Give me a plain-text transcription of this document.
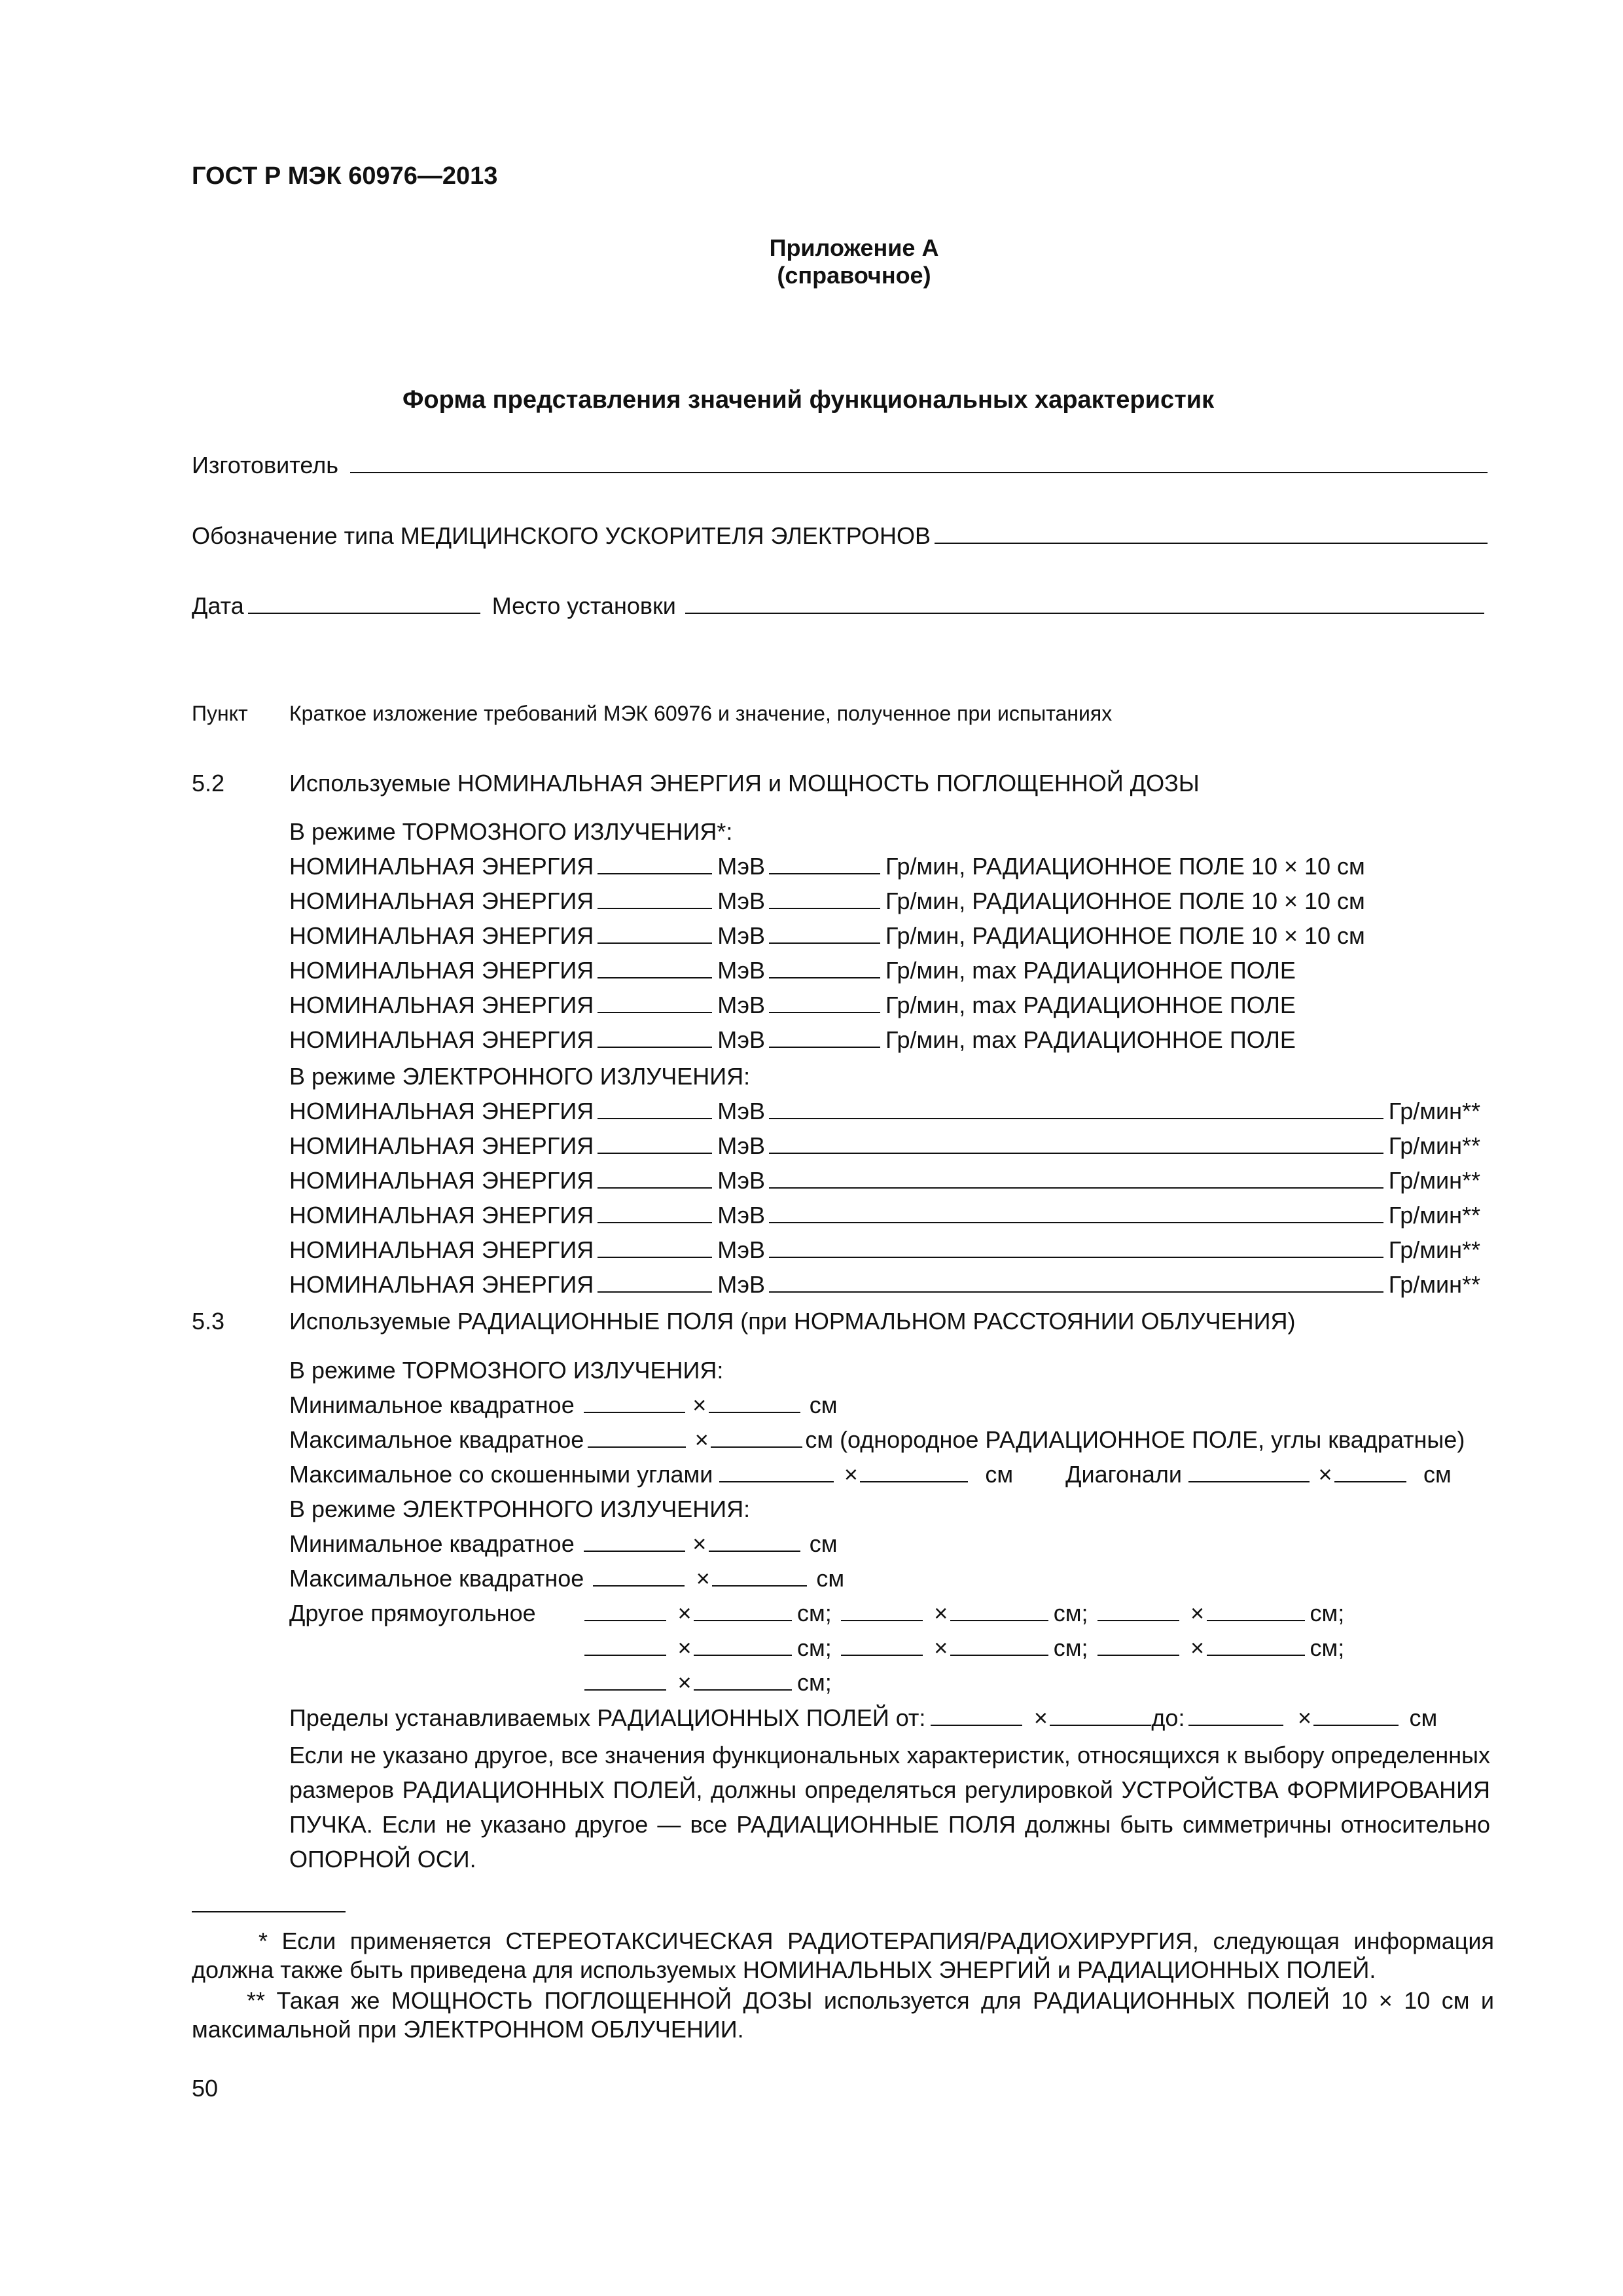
ГОСТ Р МЭК 60976—2013
Приложение А
(справочное)
Форма представления значений функциональных характеристик
Изготовитель
Обозначение типа МЕДИЦИНСКОГО УСКОРИТЕЛЯ ЭЛЕКТРОНОВ
Дата	Место установки
Пункт Краткое изложение требований МЭК 60976 и значение, полученное при испытаниях
5.2	Используемые НОМИНАЛЬНАЯ ЭНЕРГИЯ и МОЩНОСТЬ ПОГЛОЩЕННОЙ ДОЗЫ
В режиме ТОРМОЗНОГО ИЗЛУЧЕНИЯ*:
НОМИНАЛЬНАЯ ЭНЕРГИЯ	МэВ	Гр/мин, РАДИАЦИОННОЕ ПОЛЕ 10 × 10 см
НОМИНАЛЬНАЯ ЭНЕРГИЯ	МэВ	Гр/мин, РАДИАЦИОННОЕ ПОЛЕ 10 × 10 см
НОМИНАЛЬНАЯ ЭНЕРГИЯ	МэВ	Гр/мин, РАДИАЦИОННОЕ ПОЛЕ 10 × 10 см
НОМИНАЛЬНАЯ ЭНЕРГИЯ	МэВ	Гр/мин, max РАДИАЦИОННОЕ ПОЛЕ
НОМИНАЛЬНАЯ ЭНЕРГИЯ	МэВ	Гр/мин, max РАДИАЦИОННОЕ ПОЛЕ
НОМИНАЛЬНАЯ ЭНЕРГИЯ	МэВ	Гр/мин, max РАДИАЦИОННОЕ ПОЛЕ
В режиме ЭЛЕКТРОННОГО ИЗЛУЧЕНИЯ:
НОМИНАЛЬНАЯ ЭНЕРГИЯ	МэВ	Гр/мин**
НОМИНАЛЬНАЯ ЭНЕРГИЯ	МэВ	Гр/мин**
НОМИНАЛЬНАЯ ЭНЕРГИЯ	МэВ	Гр/мин**
НОМИНАЛЬНАЯ ЭНЕРГИЯ	МэВ	Гр/мин**
НОМИНАЛЬНАЯ ЭНЕРГИЯ	МэВ	Гр/мин**
НОМИНАЛЬНАЯ ЭНЕРГИЯ	МэВ	Гр/мин**
5.3	Используемые РАДИАЦИОННЫЕ ПОЛЯ (при НОРМАЛЬНОМ РАССТОЯНИИ ОБЛУЧЕНИЯ)
В режиме ТОРМОЗНОГО ИЗЛУЧЕНИЯ:
Минимальное квадратное	×	см
Максимальное квадратное	×	см (однородное РАДИАЦИОННОЕ ПОЛЕ, углы квадратные)
Максимальное со скошенными углами	×	см Диагонали	×	см
В режиме ЭЛЕКТРОННОГО ИЗЛУЧЕНИЯ:
Минимальное квадратное	×	см
Максимальное квадратное	×	см
Другое прямоугольное	×	см;	×	см;	×	см;
×	см;	×	см;	×	см;
×	см;
Пределы устанавливаемых РАДИАЦИОННЫХ ПОЛЕЙ от:	×	до:	×	см
Если не указано другое, все значения функциональных характеристик, относящихся к выбору определенных размеров РАДИАЦИОННЫХ ПОЛЕЙ, должны определяться регулировкой УСТРОЙСТВА ФОРМИРОВАНИЯ ПУЧКА. Если не указано другое — все РАДИАЦИОННЫЕ ПОЛЯ должны быть симметричны относительно ОПОРНОЙ ОСИ.
* Если применяется СТЕРЕОТАКСИЧЕСКАЯ РАДИОТЕРАПИЯ/РАДИОХИРУРГИЯ, следующая информация должна также быть приведена для используемых НОМИНАЛЬНЫХ ЭНЕРГИЙ и РАДИАЦИОННЫХ ПОЛЕЙ.
** Такая же МОЩНОСТЬ ПОГЛОЩЕННОЙ ДОЗЫ используется для РАДИАЦИОННЫХ ПОЛЕЙ 10 × 10 см и максимальной при ЭЛЕКТРОННОМ ОБЛУЧЕНИИ.
50
